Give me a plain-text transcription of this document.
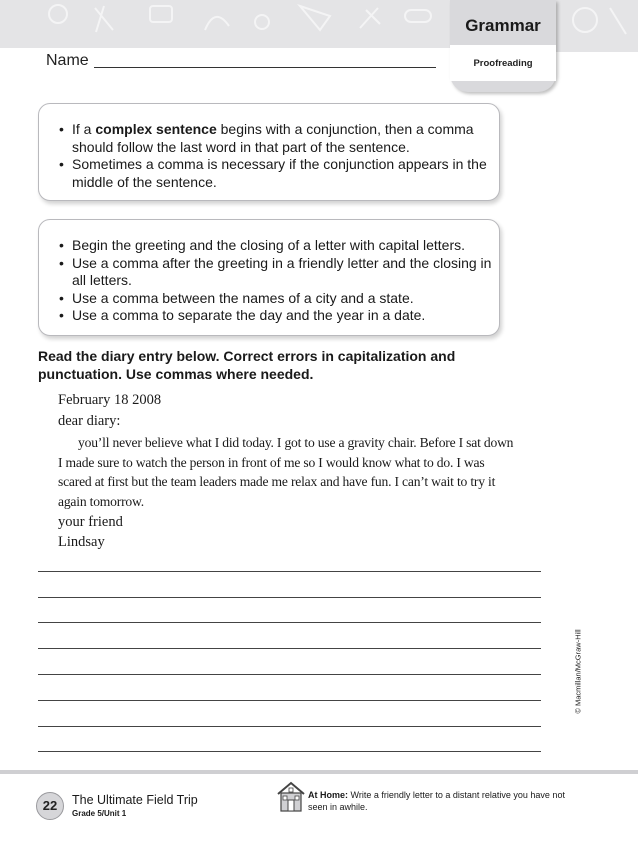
Name
Grammar
Proofreading
• If a complex sentence begins with a conjunction, then a comma should follow the last word in that part of the sentence.
• Sometimes a comma is necessary if the conjunction appears in the middle of the sentence.
• Begin the greeting and the closing of a letter with capital letters.
• Use a comma after the greeting in a friendly letter and the closing in all letters.
• Use a comma between the names of a city and a state.
• Use a comma to separate the day and the year in a date.
Read the diary entry below. Correct errors in capitalization and punctuation. Use commas where needed.
February 18 2008
dear diary:
you’ll never believe what I did today. I got to use a gravity chair. Before I sat down I made sure to watch the person in front of me so I would know what to do. I was scared at first but the team leaders made me relax and have fun. I can’t wait to try it again tomorrow.
your friend
Lindsay
© Macmillan/McGraw-Hill
22	The Ultimate Field Trip
Grade 5/Unit 1
At Home: Write a friendly letter to a distant relative you have not seen in awhile.
